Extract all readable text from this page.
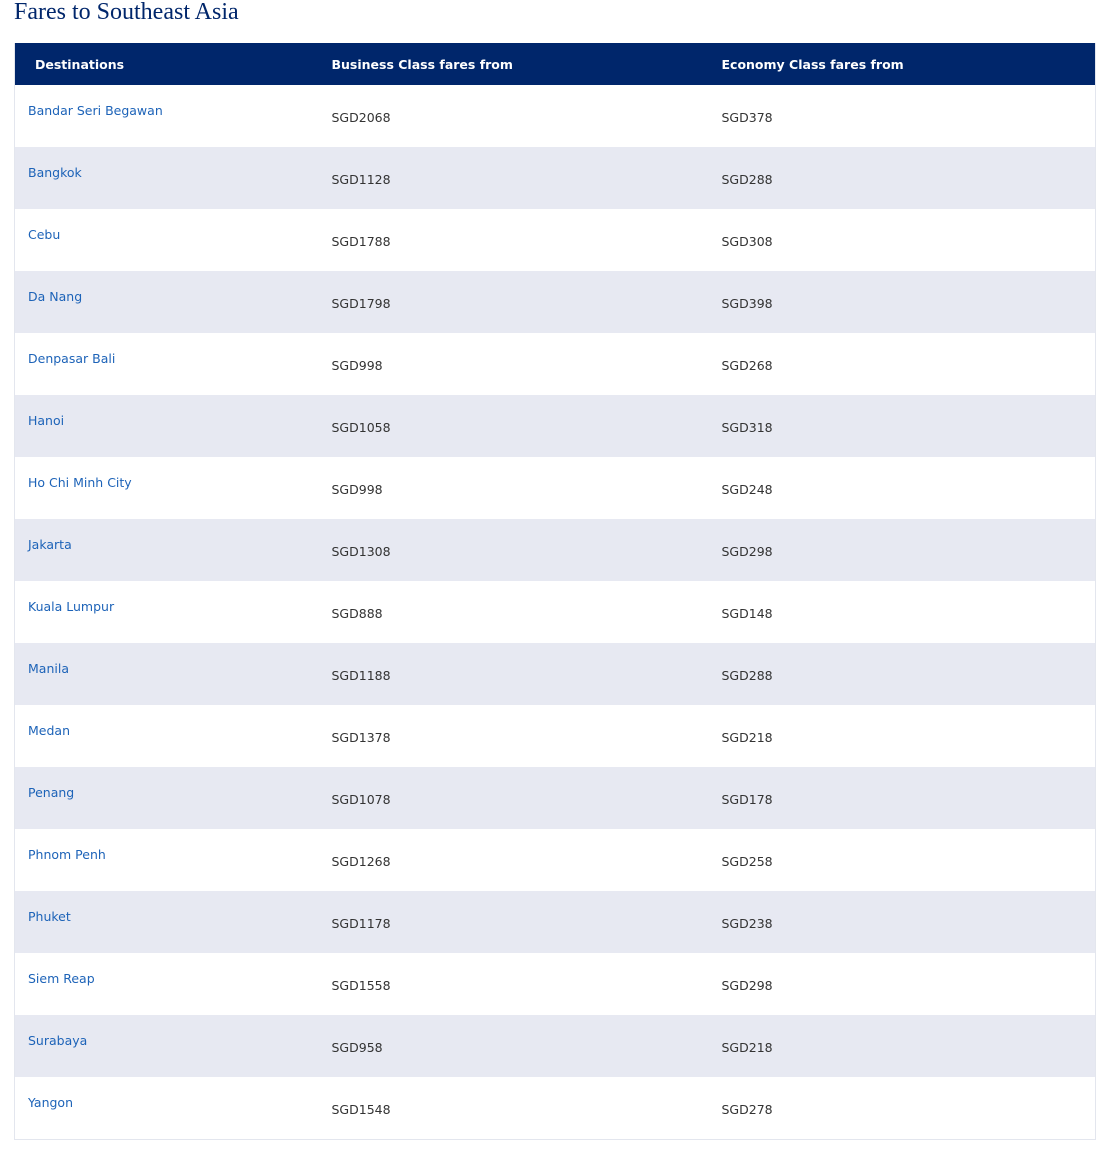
Fares to Southeast Asia
Destinations	Business Class fares from	Economy Class fares from
Bandar Seri Begawan	SGD2068	SGD378
Bangkok	SGD1128	SGD288
Cebu	SGD1788	SGD308
Da Nang	SGD1798	SGD398
Denpasar Bali	SGD998	SGD268
Hanoi	SGD1058	SGD318
Ho Chi Minh City	SGD998	SGD248
Jakarta	SGD1308	SGD298
Kuala Lumpur	SGD888	SGD148
Manila	SGD1188	SGD288
Medan	SGD1378	SGD218
Penang	SGD1078	SGD178
Phnom Penh	SGD1268	SGD258
Phuket	SGD1178	SGD238
Siem Reap	SGD1558	SGD298
Surabaya	SGD958	SGD218
Yangon	SGD1548	SGD278
